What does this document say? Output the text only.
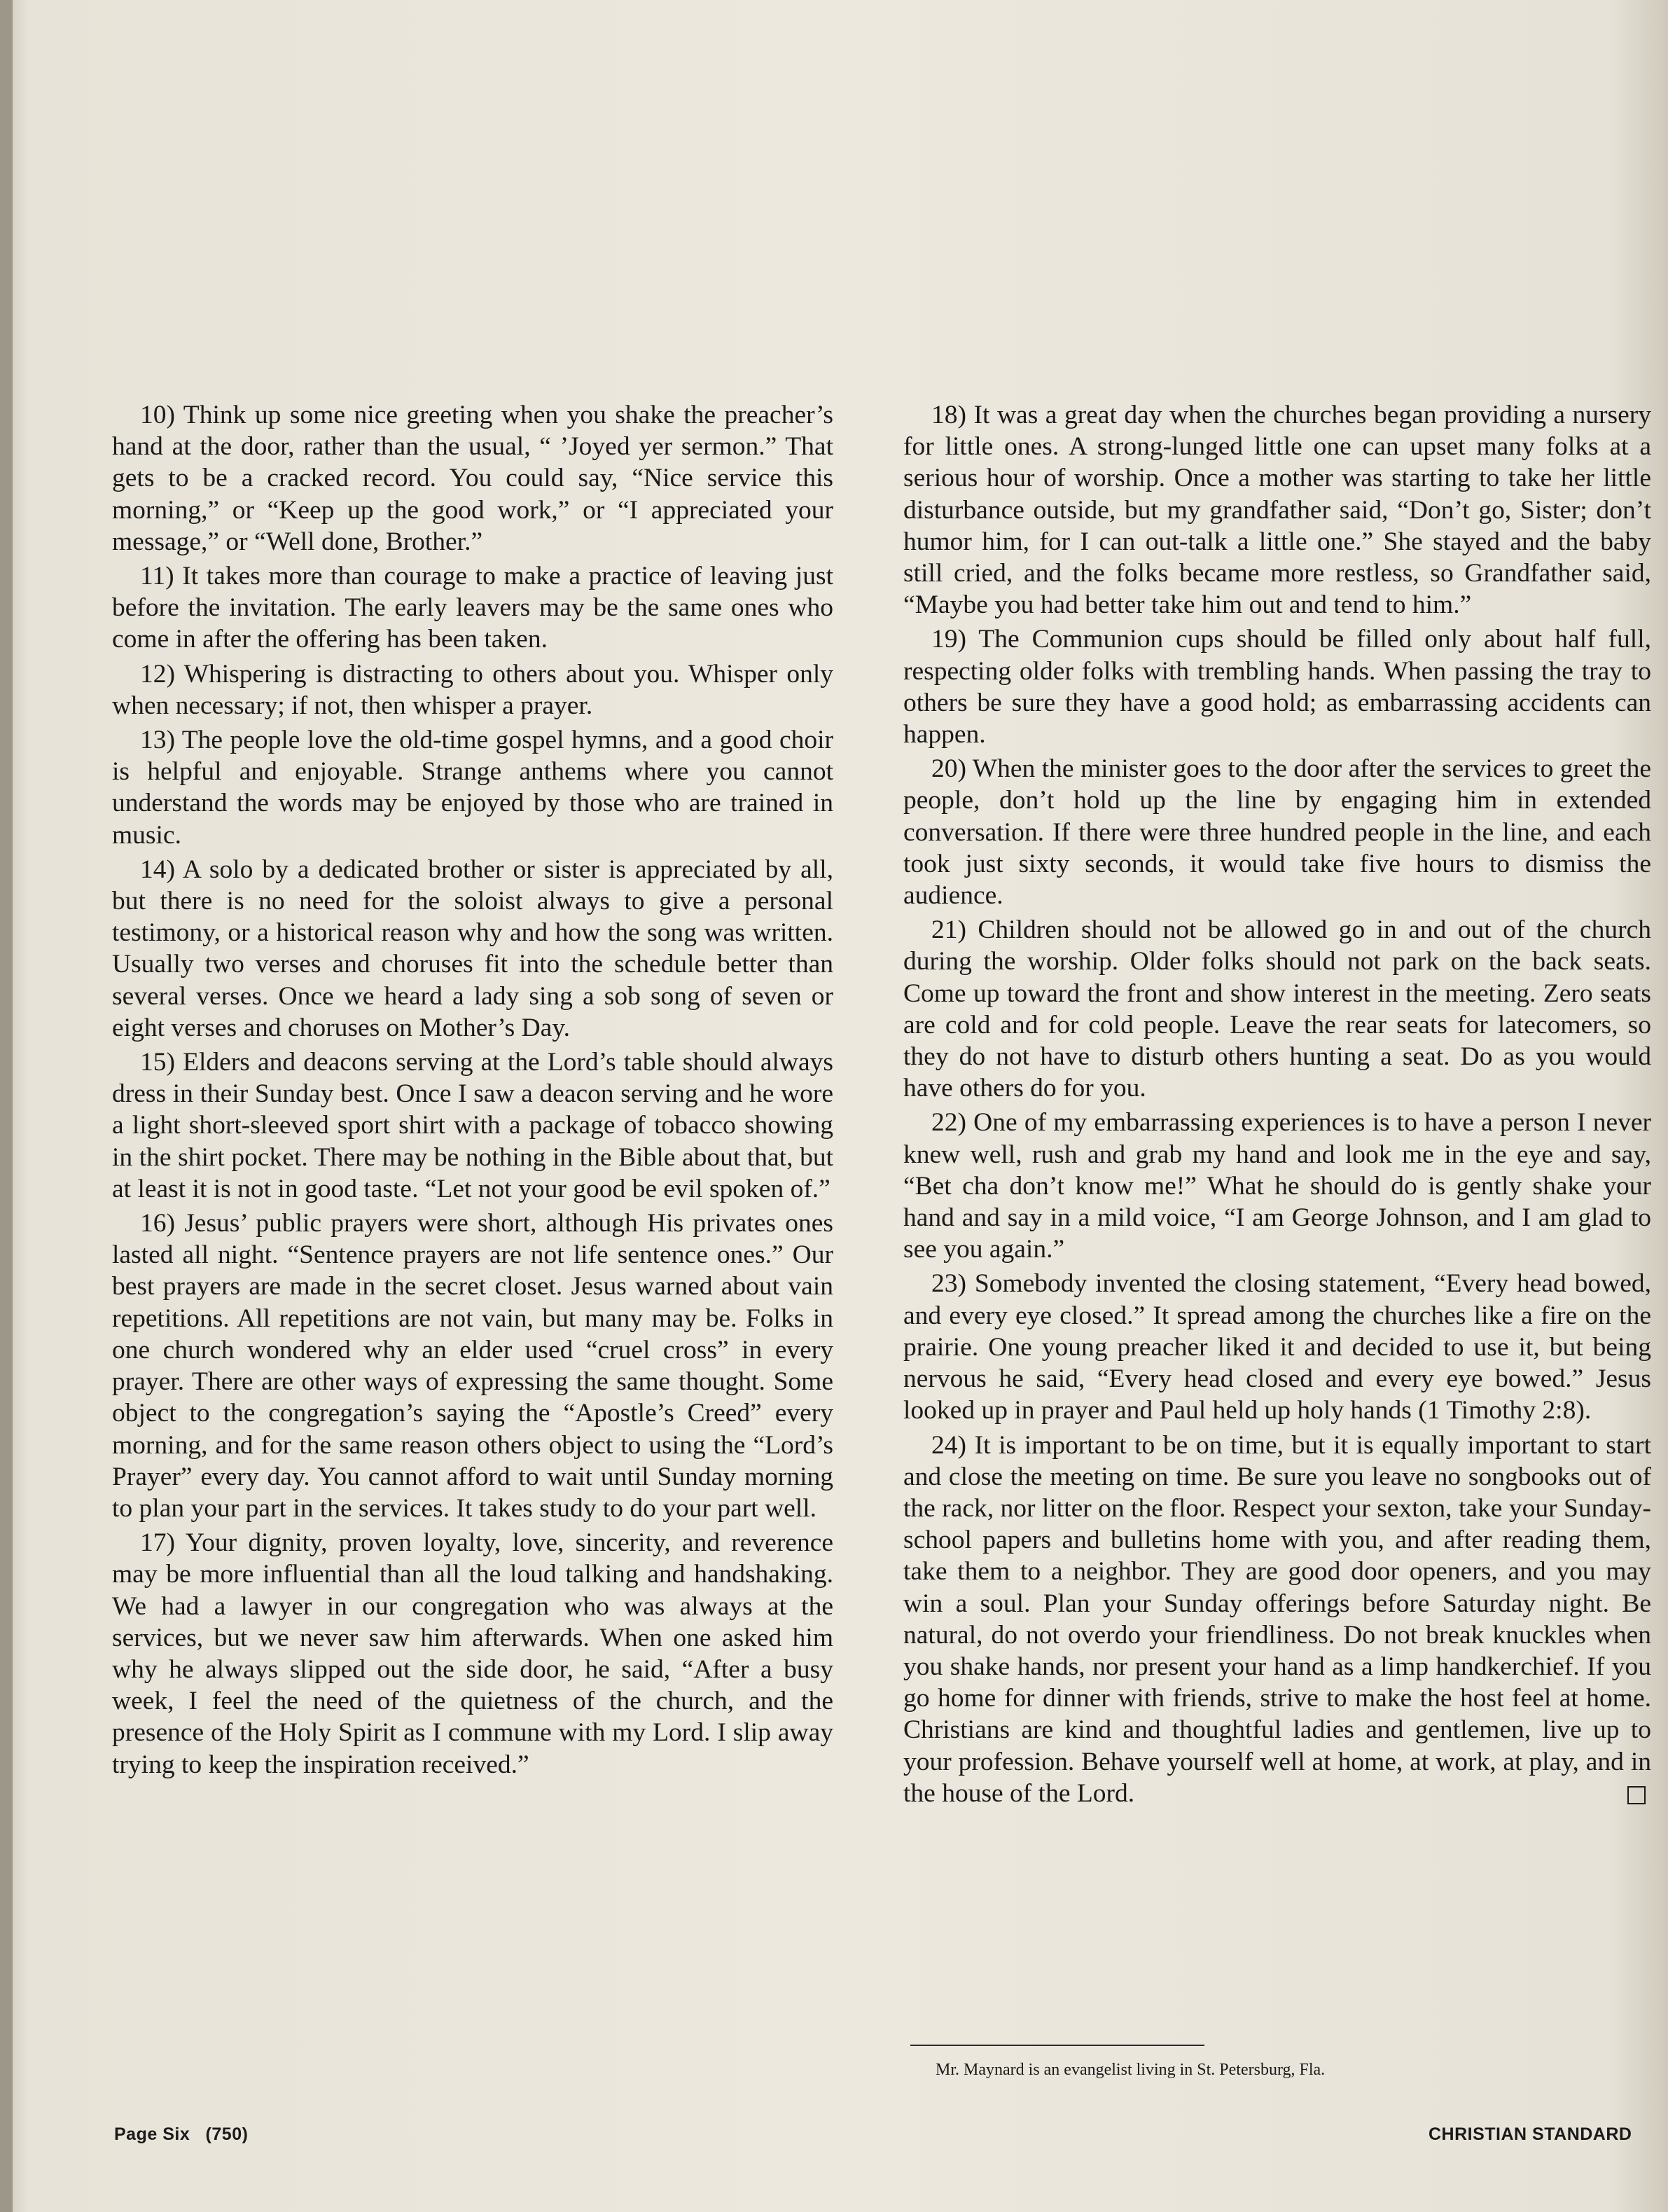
10) Think up some nice greeting when you shake the preacher’s hand at the door, rather than the usual, “ ’Joyed yer sermon.” That gets to be a cracked record. You could say, “Nice service this morning,” or “Keep up the good work,” or “I appreciated your message,” or “Well done, Brother.”

11) It takes more than courage to make a practice of leaving just before the invitation. The early leavers may be the same ones who come in after the offering has been taken.

12) Whispering is distracting to others about you. Whisper only when necessary; if not, then whisper a prayer.

13) The people love the old-time gospel hymns, and a good choir is helpful and enjoyable. Strange anthems where you cannot understand the words may be enjoyed by those who are trained in music.

14) A solo by a dedicated brother or sister is appreciated by all, but there is no need for the soloist always to give a personal testimony, or a historical reason why and how the song was written. Usually two verses and choruses fit into the schedule better than several verses. Once we heard a lady sing a sob song of seven or eight verses and choruses on Mother’s Day.

15) Elders and deacons serving at the Lord’s table should always dress in their Sunday best. Once I saw a deacon serving and he wore a light short-sleeved sport shirt with a package of tobacco showing in the shirt pocket. There may be nothing in the Bible about that, but at least it is not in good taste. “Let not your good be evil spoken of.”

16) Jesus’ public prayers were short, although His privates ones lasted all night. “Sentence prayers are not life sentence ones.” Our best prayers are made in the secret closet. Jesus warned about vain repetitions. All repetitions are not vain, but many may be. Folks in one church wondered why an elder used “cruel cross” in every prayer. There are other ways of expressing the same thought. Some object to the congregation’s saying the “Apostle’s Creed” every morning, and for the same reason others object to using the “Lord’s Prayer” every day. You cannot afford to wait until Sunday morning to plan your part in the services. It takes study to do your part well.

17) Your dignity, proven loyalty, love, sincerity, and reverence may be more influential than all the loud talking and handshaking. We had a lawyer in our congregation who was always at the services, but we never saw him afterwards. When one asked him why he always slipped out the side door, he said, “After a busy week, I feel the need of the quietness of the church, and the presence of the Holy Spirit as I commune with my Lord. I slip away trying to keep the inspiration received.”

18) It was a great day when the churches began providing a nursery for little ones. A strong-lunged little one can upset many folks at a serious hour of worship. Once a mother was starting to take her little disturbance outside, but my grandfather said, “Don’t go, Sister; don’t humor him, for I can out-talk a little one.” She stayed and the baby still cried, and the folks became more restless, so Grandfather said, “Maybe you had better take him out and tend to him.”

19) The Communion cups should be filled only about half full, respecting older folks with trembling hands. When passing the tray to others be sure they have a good hold; as embarrassing accidents can happen.

20) When the minister goes to the door after the services to greet the people, don’t hold up the line by engaging him in extended conversation. If there were three hundred people in the line, and each took just sixty seconds, it would take five hours to dismiss the audience.

21) Children should not be allowed go in and out of the church during the worship. Older folks should not park on the back seats. Come up toward the front and show interest in the meeting. Zero seats are cold and for cold people. Leave the rear seats for latecomers, so they do not have to disturb others hunting a seat. Do as you would have others do for you.

22) One of my embarrassing experiences is to have a person I never knew well, rush and grab my hand and look me in the eye and say, “Bet cha don’t know me!” What he should do is gently shake your hand and say in a mild voice, “I am George Johnson, and I am glad to see you again.”

23) Somebody invented the closing statement, “Every head bowed, and every eye closed.” It spread among the churches like a fire on the prairie. One young preacher liked it and decided to use it, but being nervous he said, “Every head closed and every eye bowed.” Jesus looked up in prayer and Paul held up holy hands (1 Timothy 2:8).

24) It is important to be on time, but it is equally important to start and close the meeting on time. Be sure you leave no songbooks out of the rack, nor litter on the floor. Respect your sexton, take your Sunday-school papers and bulletins home with you, and after reading them, take them to a neighbor. They are good door openers, and you may win a soul. Plan your Sunday offerings before Saturday night. Be natural, do not overdo your friendliness. Do not break knuckles when you shake hands, nor present your hand as a limp handkerchief. If you go home for dinner with friends, strive to make the host feel at home. Christians are kind and thoughtful ladies and gentlemen, live up to your profession. Behave yourself well at home, at work, at play, and in the house of the Lord.

Mr. Maynard is an evangelist living in St. Petersburg, Fla.
Page Six   (750)	CHRISTIAN STANDARD
